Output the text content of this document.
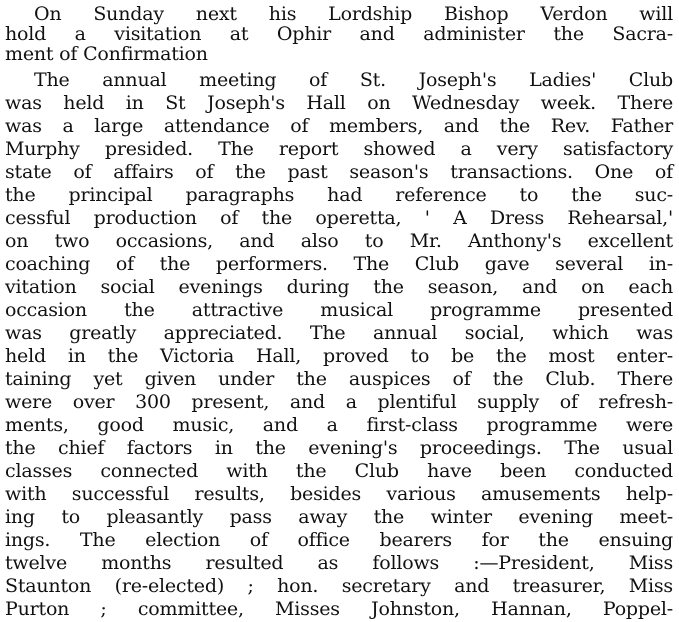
On Sunday next his Lordship Bishop Verdon will
hold a visitation at Ophir and administer the Sacra-
ment of Confirmation
The annual meeting of St. Joseph's Ladies' Club
was held in St Joseph's Hall on Wednesday week. There
was a large attendance of members, and the Rev. Father
Murphy presided. The report showed a very satisfactory
state of affairs of the past season's transactions. One of
the principal paragraphs had reference to the suc-
cessful production of the operetta, ' A Dress Rehearsal,'
on two occasions, and also to Mr. Anthony's excellent
coaching of the performers. The Club gave several in-
vitation social evenings during the season, and on each
occasion the attractive musical programme presented
was greatly appreciated. The annual social, which was
held in the Victoria Hall, proved to be the most enter-
taining yet given under the auspices of the Club. There
were over 300 present, and a plentiful supply of refresh-
ments, good music, and a first-class programme were
the chief factors in the evening's proceedings. The usual
classes connected with the Club have been conducted
with successful results, besides various amusements help-
ing to pleasantly pass away the winter evening meet-
ings. The election of office bearers for the ensuing
twelve months resulted as follows :—President, Miss
Staunton (re-elected) ; hon. secretary and treasurer, Miss
Purton ; committee, Misses Johnston, Hannan, Poppel-
